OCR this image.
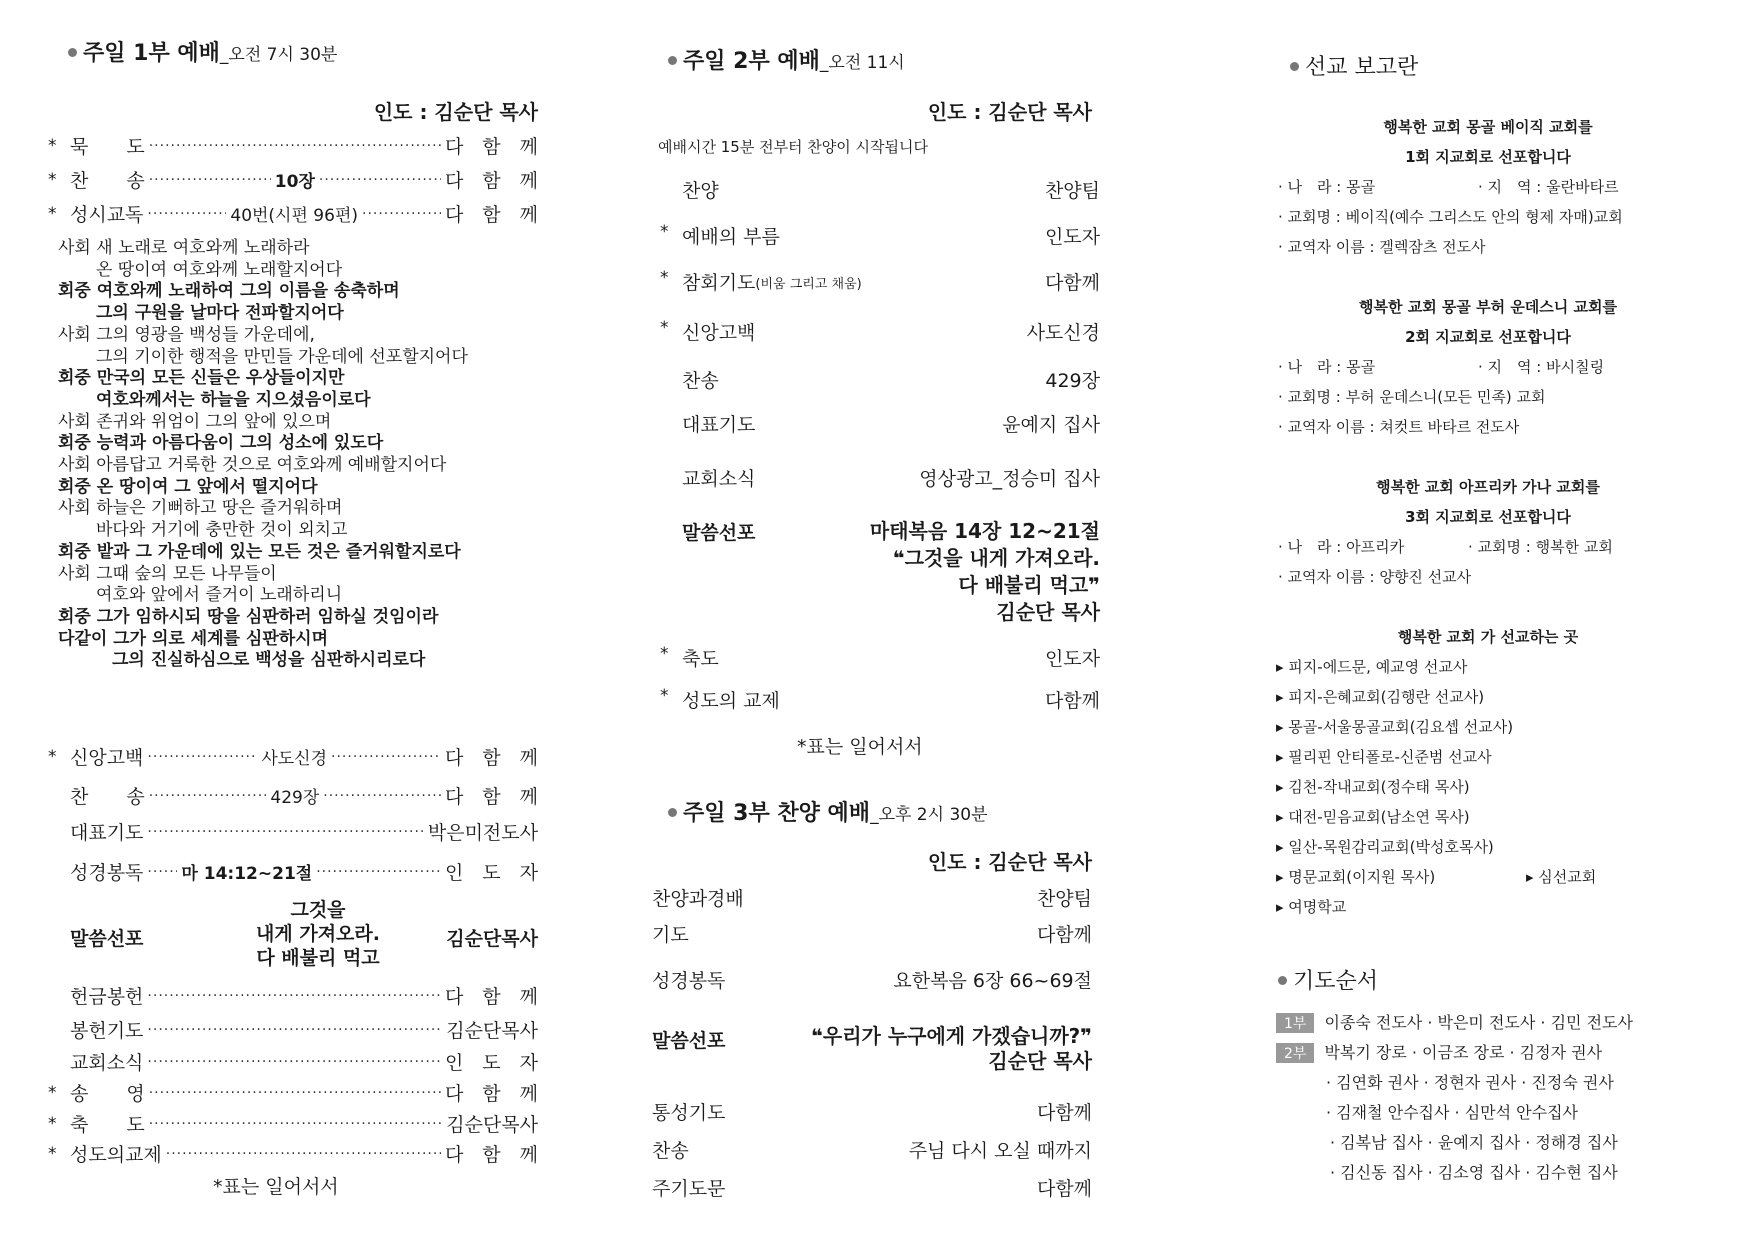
주일 1부 예배_오전 7시 30분
인도 : 김순단 목사
* 묵　　도 ·····	다　함　께
* 찬　　송 ·····	10장 ·····	다　함　께
* 성시교독 ·····	40번(시편 96편) ·····	다　함　께
사회 새 노래로 여호와께 노래하라
온 땅이여 여호와께 노래할지어다
회중 여호와께 노래하여 그의 이름을 송축하며
그의 구원을 날마다 전파할지어다
사회 그의 영광을 백성들 가운데에,
그의 기이한 행적을 만민들 가운데에 선포할지어다
회중 만국의 모든 신들은 우상들이지만
여호와께서는 하늘을 지으셨음이로다
사회 존귀와 위엄이 그의 앞에 있으며
회중 능력과 아름다움이 그의 성소에 있도다
사회 아름답고 거룩한 것으로 여호와께 예배할지어다
회중 온 땅이여 그 앞에서 떨지어다
사회 하늘은 기뻐하고 땅은 즐거워하며
바다와 거기에 충만한 것이 외치고
회중 밭과 그 가운데에 있는 모든 것은 즐거워할지로다
사회 그때 숲의 모든 나무들이
여호와 앞에서 즐거이 노래하리니
회중 그가 임하시되 땅을 심판하러 임하실 것임이라
다같이 그가 의로 세계를 심판하시며
그의 진실하심으로 백성을 심판하시리로다
* 신앙고백 ·····	사도신경 ·····	다　함　께
찬　　송 ·····	429장 ·····	다　함　께
대표기도 ·····	박은미전도사
성경봉독 ····· 마 14:12~21절 ·····	인　도　자
말씀선포
그것을
내게 가져오라.
다 배불리 먹고
김순단목사
헌금봉헌 ·····	다　함　께
봉헌기도 ·····	김순단목사
교회소식 ·····	인　도　자
* 송　　영 ·····	다　함　께
* 축　　도 ·····	김순단목사
* 성도의교제 ·····	다　함　께
*표는 일어서서
주일 2부 예배_오전 11시
인도 : 김순단 목사
예배시간 15분 전부터 찬양이 시작됩니다
찬양	찬양팀
* 예배의 부름	인도자
* 참회기도 (비움 그리고 채움)	다함께
* 신앙고백	사도신경
찬송	429장
대표기도	윤예지 집사
교회소식	영상광고_정승미 집사
말씀선포	마태복음 14장 12~21절
❝그것을 내게 가져오라.
다 배불리 먹고❞
김순단 목사
* 축도	인도자
* 성도의 교제	다함께
*표는 일어서서
주일 3부 찬양 예배_오후 2시 30분
인도 : 김순단 목사
찬양과경배	찬양팀
기도	다함께
성경봉독	요한복음 6장 66~69절
말씀선포	❝우리가 누구에게 가겠습니까?❞
김순단 목사
통성기도	다함께
찬송	주님 다시 오실 때까지
주기도문	다함께
선교 보고란
행복한 교회 몽골 베이직 교회를
1회 지교회로 선포합니다
· 나　라 : 몽골	· 지　역 : 울란바타르
· 교회명 : 베이직(예수 그리스도 안의 형제 자매)교회
· 교역자 이름 : 겔렉잠츠 전도사
행복한 교회 몽골 부허 운데스니 교회를
2회 지교회로 선포합니다
· 나　라 : 몽골	· 지　역 : 바시칠링
· 교회명 : 부허 운데스니(모든 민족) 교회
· 교역자 이름 : 쳐컷트 바타르 전도사
행복한 교회 아프리카 가나 교회를
3회 지교회로 선포합니다
· 나　라 : 아프리카	· 교회명 : 행복한 교회
· 교역자 이름 : 양향진 선교사
행복한 교회 가 선교하는 곳
▸ 피지-에드문, 예교영 선교사
▸ 피지-은혜교회(김행란 선교사)
▸ 몽골-서울몽골교회(김요셉 선교사)
▸ 필리핀 안티폴로-신준범 선교사
▸ 김천-작내교회(정수태 목사)
▸ 대전-믿음교회(남소연 목사)
▸ 일산-목원감리교회(박성호목사)
▸ 명문교회(이지원 목사)	▸ 심선교회
▸ 여명학교
기도순서
1부 이종숙 전도사 · 박은미 전도사 · 김민 전도사
2부 박복기 장로 · 이금조 장로 · 김정자 권사
· 김연화 권사 · 정현자 권사 · 진정숙 권사
· 김재철 안수집사 · 심만석 안수집사
· 김복남 집사 · 윤예지 집사 · 정해경 집사
· 김신동 집사 · 김소영 집사 · 김수현 집사
